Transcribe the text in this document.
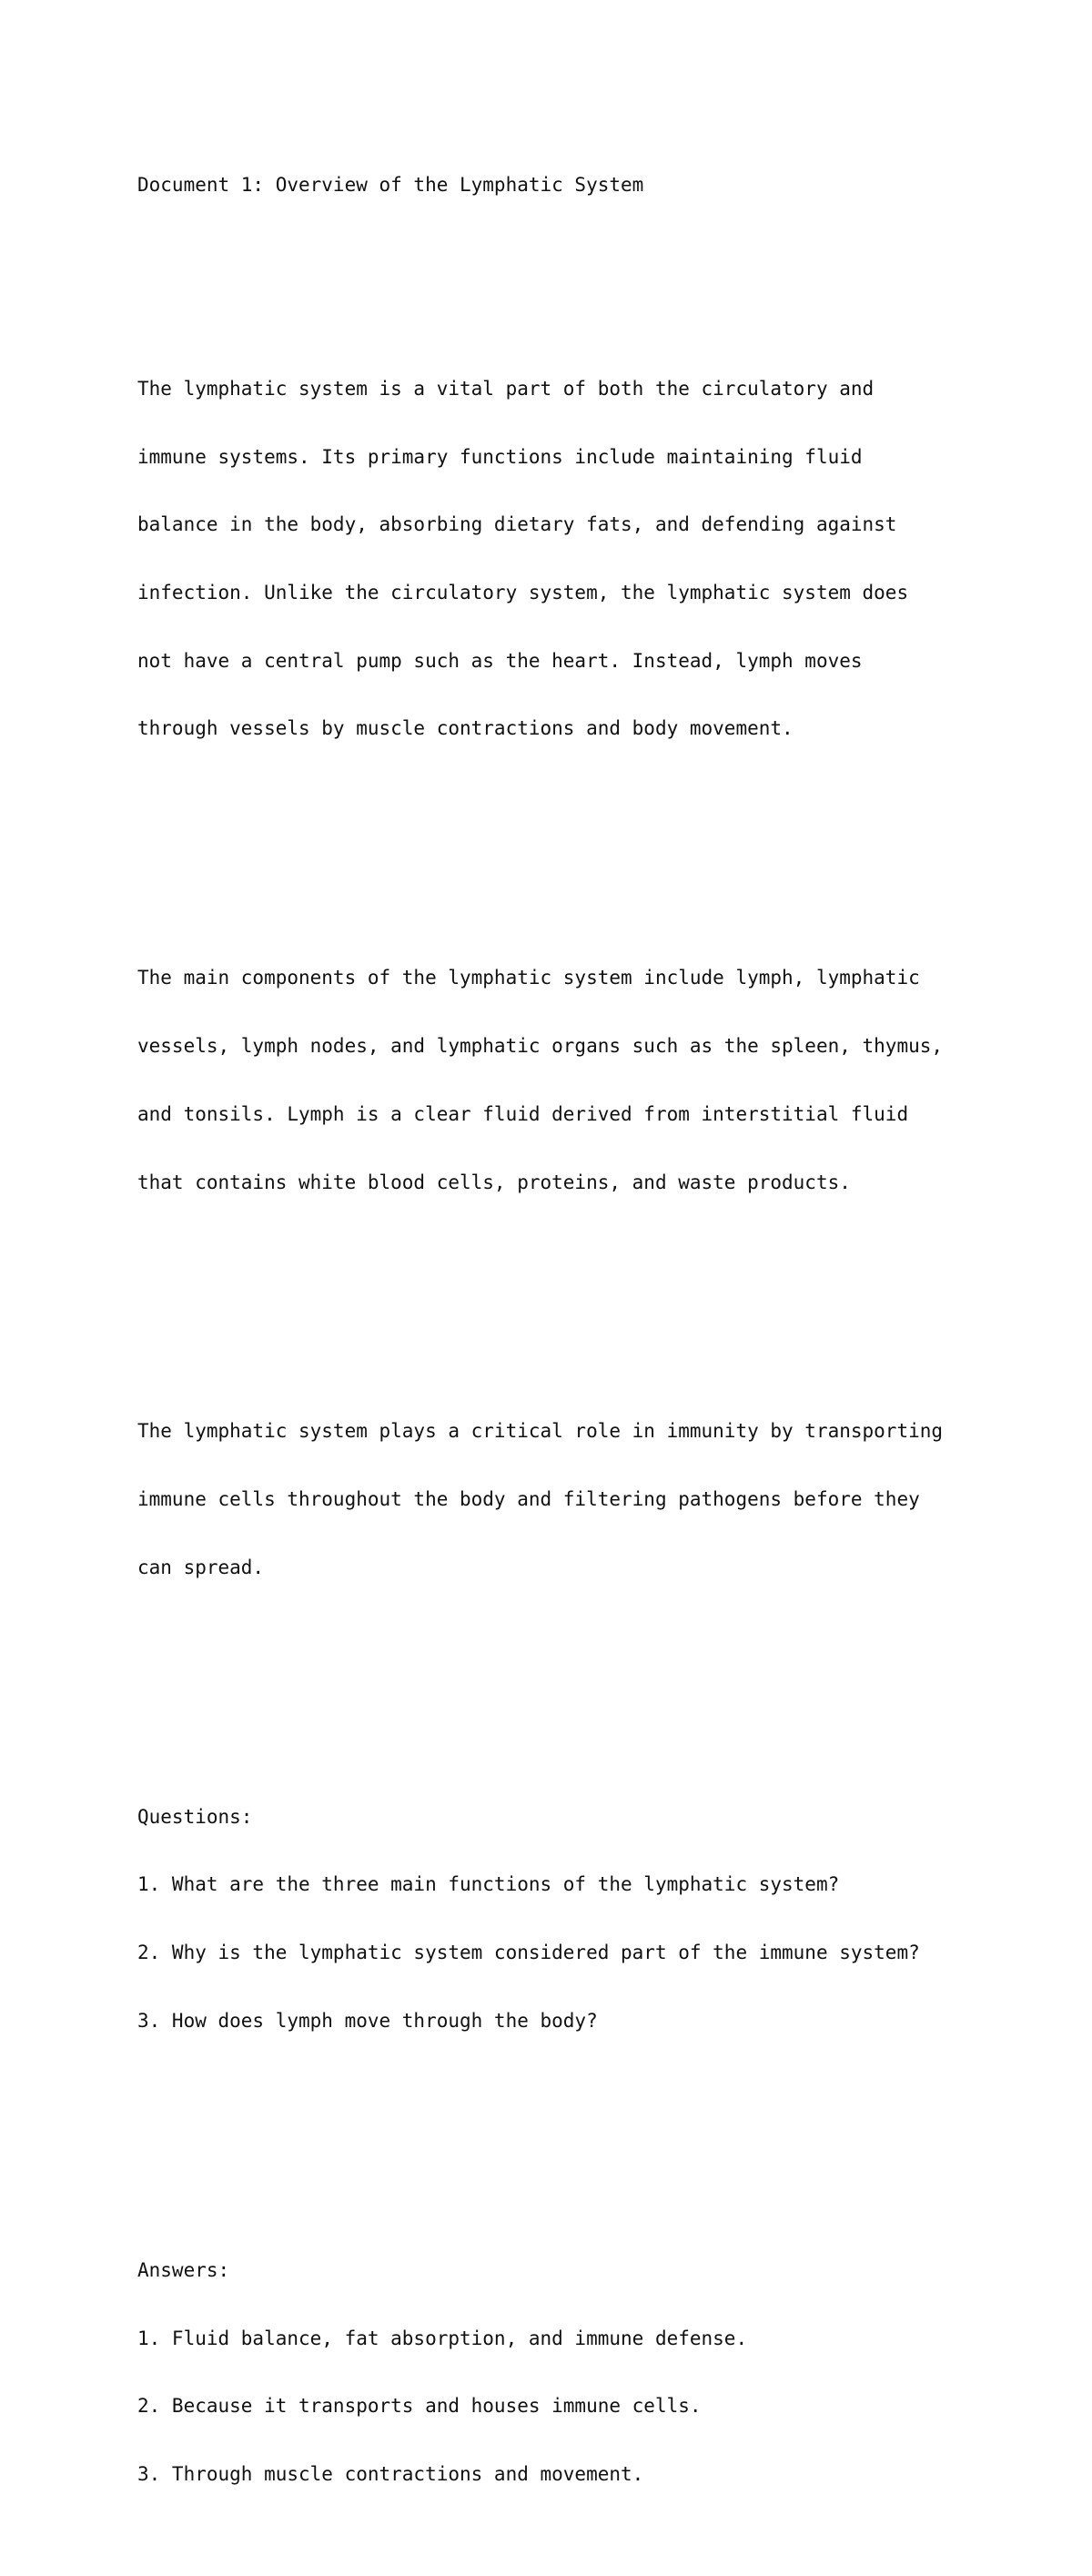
Document 1: Overview of the Lymphatic System

The lymphatic system is a vital part of both the circulatory and

immune systems. Its primary functions include maintaining fluid

balance in the body, absorbing dietary fats, and defending against

infection. Unlike the circulatory system, the lymphatic system does

not have a central pump such as the heart. Instead, lymph moves

through vessels by muscle contractions and body movement.

The main components of the lymphatic system include lymph, lymphatic

vessels, lymph nodes, and lymphatic organs such as the spleen, thymus,

and tonsils. Lymph is a clear fluid derived from interstitial fluid

that contains white blood cells, proteins, and waste products.

The lymphatic system plays a critical role in immunity by transporting

immune cells throughout the body and filtering pathogens before they

can spread.

Questions:

1. What are the three main functions of the lymphatic system?

2. Why is the lymphatic system considered part of the immune system?

3. How does lymph move through the body?

Answers:

1. Fluid balance, fat absorption, and immune defense.

2. Because it transports and houses immune cells.

3. Through muscle contractions and movement.
